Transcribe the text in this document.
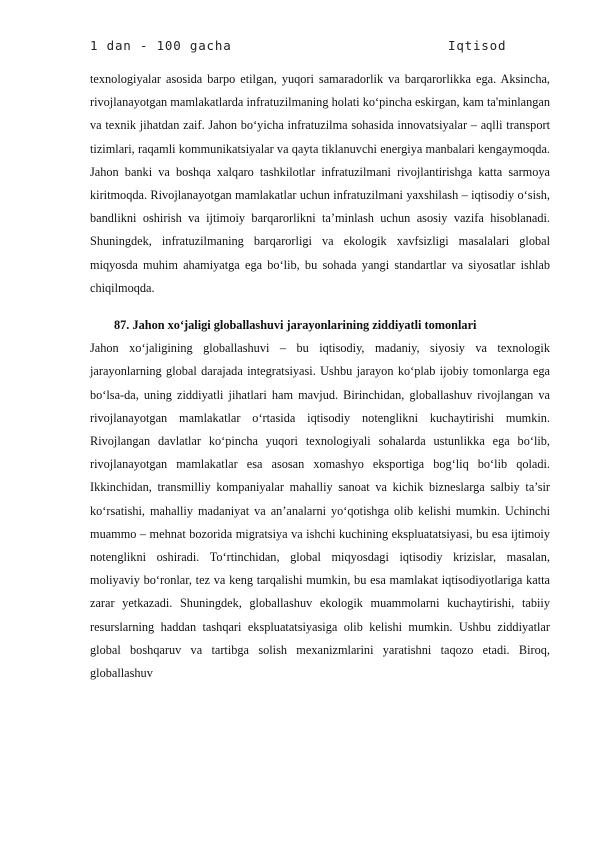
1 dan - 100 gacha	Iqtisod

texnologiyalar asosida barpo etilgan, yuqori samaradorlik va barqarorlikka ega. Aksincha, rivojlanayotgan mamlakatlarda infratuzilmaning holati ko‘pincha eskirgan, kam ta'minlangan va texnik jihatdan zaif. Jahon bo‘yicha infratuzilma sohasida innovatsiyalar – aqlli transport tizimlari, raqamli kommunikatsiyalar va qayta tiklanuvchi energiya manbalari kengaymoqda. Jahon banki va boshqa xalqaro tashkilotlar infratuzilmani rivojlantirishga katta sarmoya kiritmoqda. Rivojlanayotgan mamlakatlar uchun infratuzilmani yaxshilash – iqtisodiy o‘sish, bandlikni oshirish va ijtimoiy barqarorlikni ta’minlash uchun asosiy vazifa hisoblanadi. Shuningdek, infratuzilmaning barqarorligi va ekologik xavfsizligi masalalari global miqyosda muhim ahamiyatga ega bo‘lib, bu sohada yangi standartlar va siyosatlar ishlab chiqilmoqda.

87. Jahon xo‘jaligi globallashuvi jarayonlarining ziddiyatli tomonlari

Jahon xo‘jaligining globallashuvi – bu iqtisodiy, madaniy, siyosiy va texnologik jarayonlarning global darajada integratsiyasi. Ushbu jarayon ko‘plab ijobiy tomonlarga ega bo‘lsa-da, uning ziddiyatli jihatlari ham mavjud. Birinchidan, globallashuv rivojlangan va rivojlanayotgan mamlakatlar o‘rtasida iqtisodiy notenglikni kuchaytirishi mumkin. Rivojlangan davlatlar ko‘pincha yuqori texnologiyali sohalarda ustunlikka ega bo‘lib, rivojlanayotgan mamlakatlar esa asosan xomashyo eksportiga bog‘liq bo‘lib qoladi. Ikkinchidan, transmilliy kompaniyalar mahalliy sanoat va kichik bizneslarga salbiy ta’sir ko‘rsatishi, mahalliy madaniyat va an’analarni yo‘qotishga olib kelishi mumkin. Uchinchi muammo – mehnat bozorida migratsiya va ishchi kuchining ekspluatatsiyasi, bu esa ijtimoiy notenglikni oshiradi. To‘rtinchidan, global miqyosdagi iqtisodiy krizislar, masalan, moliyaviy bo‘ronlar, tez va keng tarqalishi mumkin, bu esa mamlakat iqtisodiyotlariga katta zarar yetkazadi. Shuningdek, globallashuv ekologik muammolarni kuchaytirishi, tabiiy resurslarning haddan tashqari ekspluatatsiyasiga olib kelishi mumkin. Ushbu ziddiyatlar global boshqaruv va tartibga solish mexanizmlarini yaratishni taqozo etadi. Biroq, globallashuv
